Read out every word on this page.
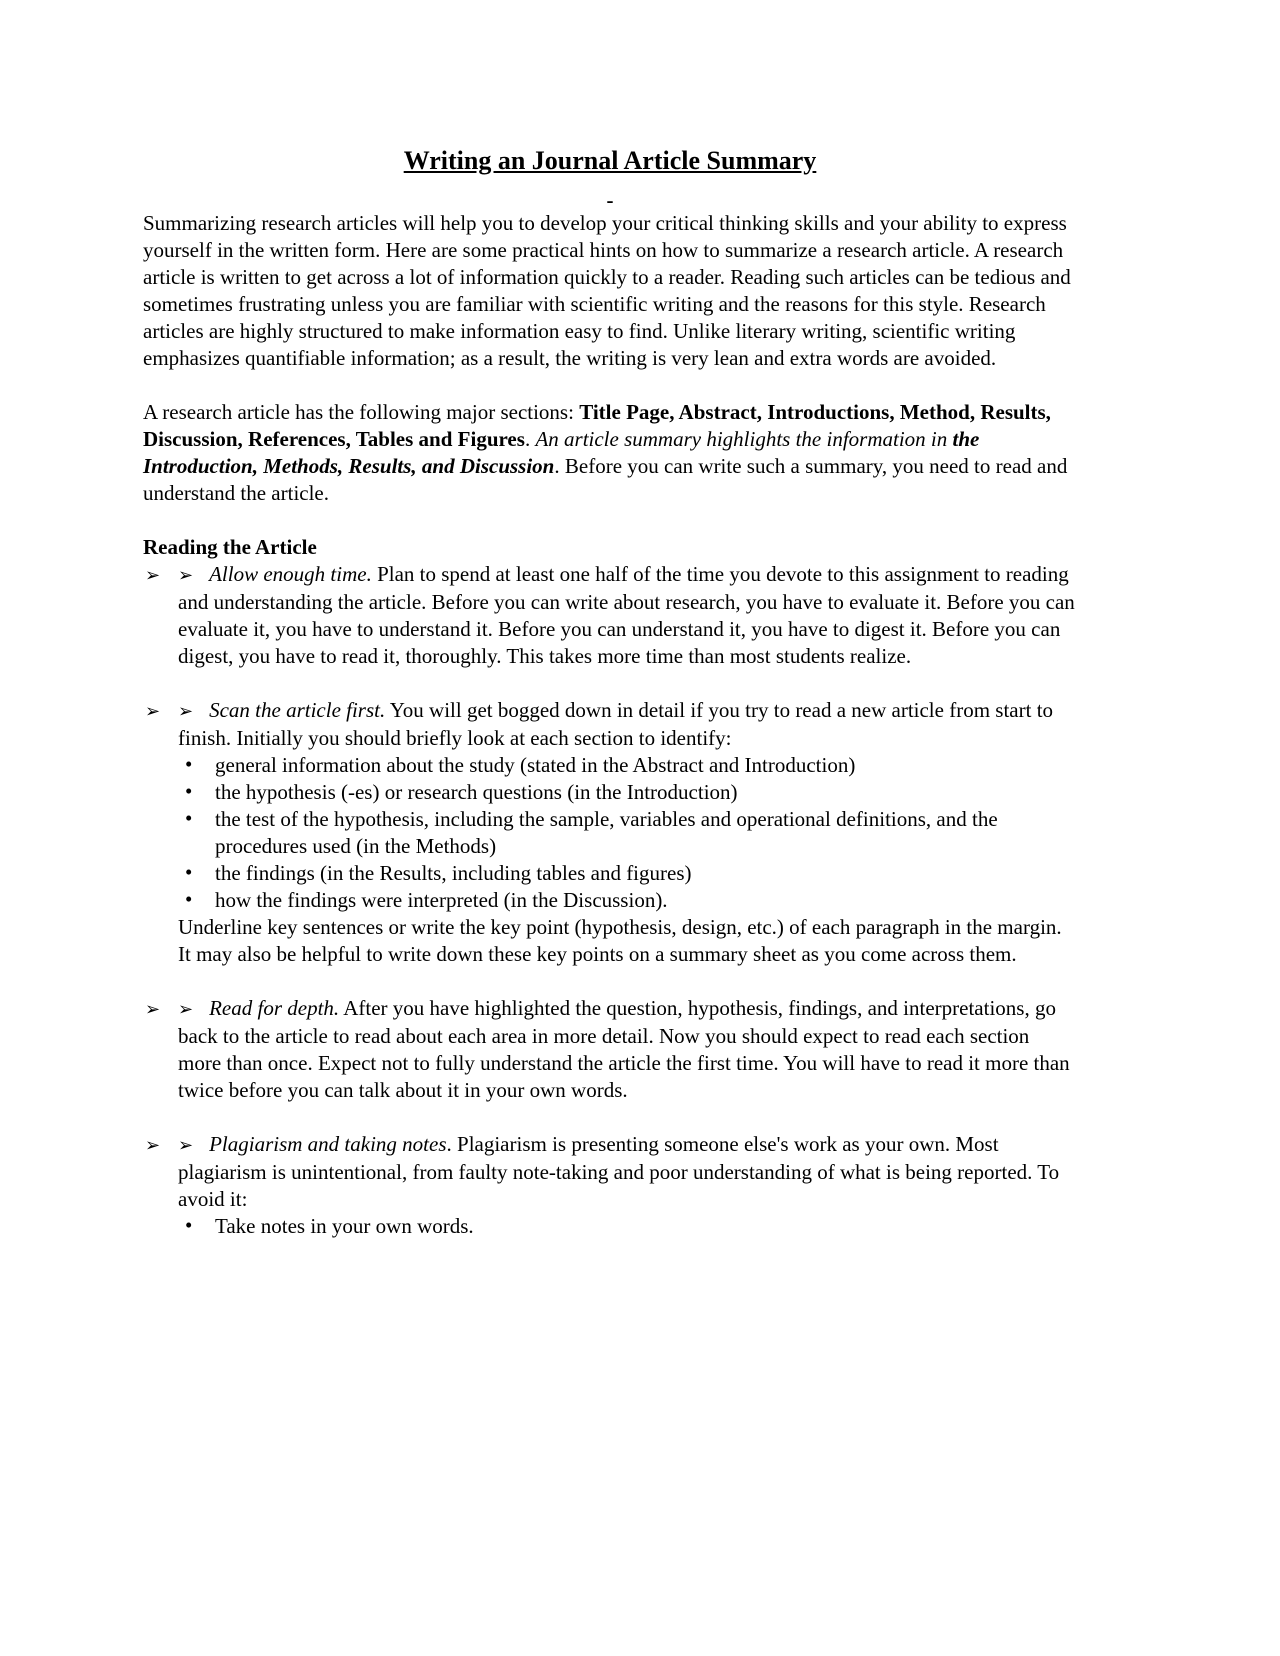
Writing an Journal Article Summary
-

Summarizing research articles will help you to develop your critical thinking skills and your ability to express yourself in the written form. Here are some practical hints on how to summarize a research article. A research article is written to get across a lot of information quickly to a reader. Reading such articles can be tedious and sometimes frustrating unless you are familiar with scientific writing and the reasons for this style. Research articles are highly structured to make information easy to find. Unlike literary writing, scientific writing emphasizes quantifiable information; as a result, the writing is very lean and extra words are avoided.

A research article has the following major sections: Title Page, Abstract, Introductions, Method, Results, Discussion, References, Tables and Figures. An article summary highlights the information in the Introduction, Methods, Results, and Discussion. Before you can write such a summary, you need to read and understand the article.

Reading the Article
➢ ➢ Allow enough time. Plan to spend at least one half of the time you devote to this assignment to reading and understanding the article. Before you can write about research, you have to evaluate it. Before you can evaluate it, you have to understand it. Before you can understand it, you have to digest it. Before you can digest, you have to read it, thoroughly. This takes more time than most students realize.
➢ ➢ Scan the article first. You will get bogged down in detail if you try to read a new article from start to finish. Initially you should briefly look at each section to identify:
• general information about the study (stated in the Abstract and Introduction)
• the hypothesis (-es) or research questions (in the Introduction)
• the test of the hypothesis, including the sample, variables and operational definitions, and the procedures used (in the Methods)
• the findings (in the Results, including tables and figures)
• how the findings were interpreted (in the Discussion).
Underline key sentences or write the key point (hypothesis, design, etc.) of each paragraph in the margin. It may also be helpful to write down these key points on a summary sheet as you come across them.
➢ ➢ Read for depth. After you have highlighted the question, hypothesis, findings, and interpretations, go back to the article to read about each area in more detail. Now you should expect to read each section more than once. Expect not to fully understand the article the first time. You will have to read it more than twice before you can talk about it in your own words.
➢ ➢ Plagiarism and taking notes. Plagiarism is presenting someone else's work as your own. Most plagiarism is unintentional, from faulty note-taking and poor understanding of what is being reported. To avoid it:
• Take notes in your own words.
